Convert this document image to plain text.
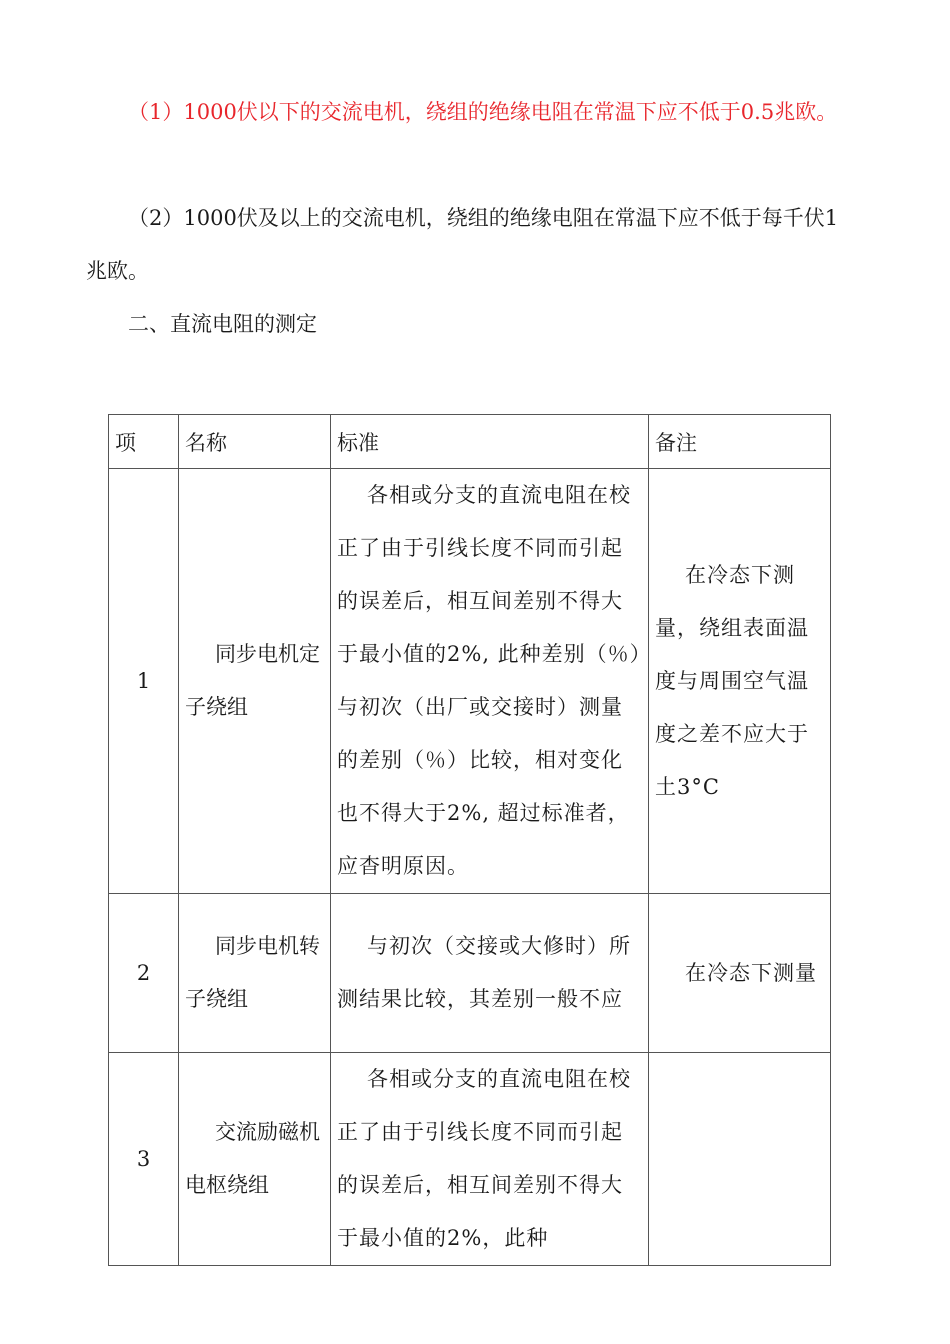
（1）1000伏以下的交流电机，绕组的绝缘电阻在常温下应不低于0.5兆欧。

（2）1000伏及以上的交流电机，绕组的绝缘电阻在常温下应不低于每千伏1兆欧。

二、直流电阻的测定

项	名称	标准	备注
1	同步电机定子绕组	各相或分支的直流电阻在校正了由于引线长度不同而引起的误差后，相互间差别不得大于最小值的2%, 此种差别（％）与初次（出厂或交接时）测量的差别（％）比较，相对变化也不得大于2%, 超过标准者，应杳明原因。	在冷态下测量，绕组表面温度与周围空气温度之差不应大于土3°C

2	同步电机转子绕组	与初次（交接或大修时）所测结果比较，其差别一般不应	在冷态下测量

3	交流励磁机电枢绕组	各相或分支的直流电阻在校正了由于引线长度不同而引起的误差后，相互间差别不得大于最小值的2%，此种	
